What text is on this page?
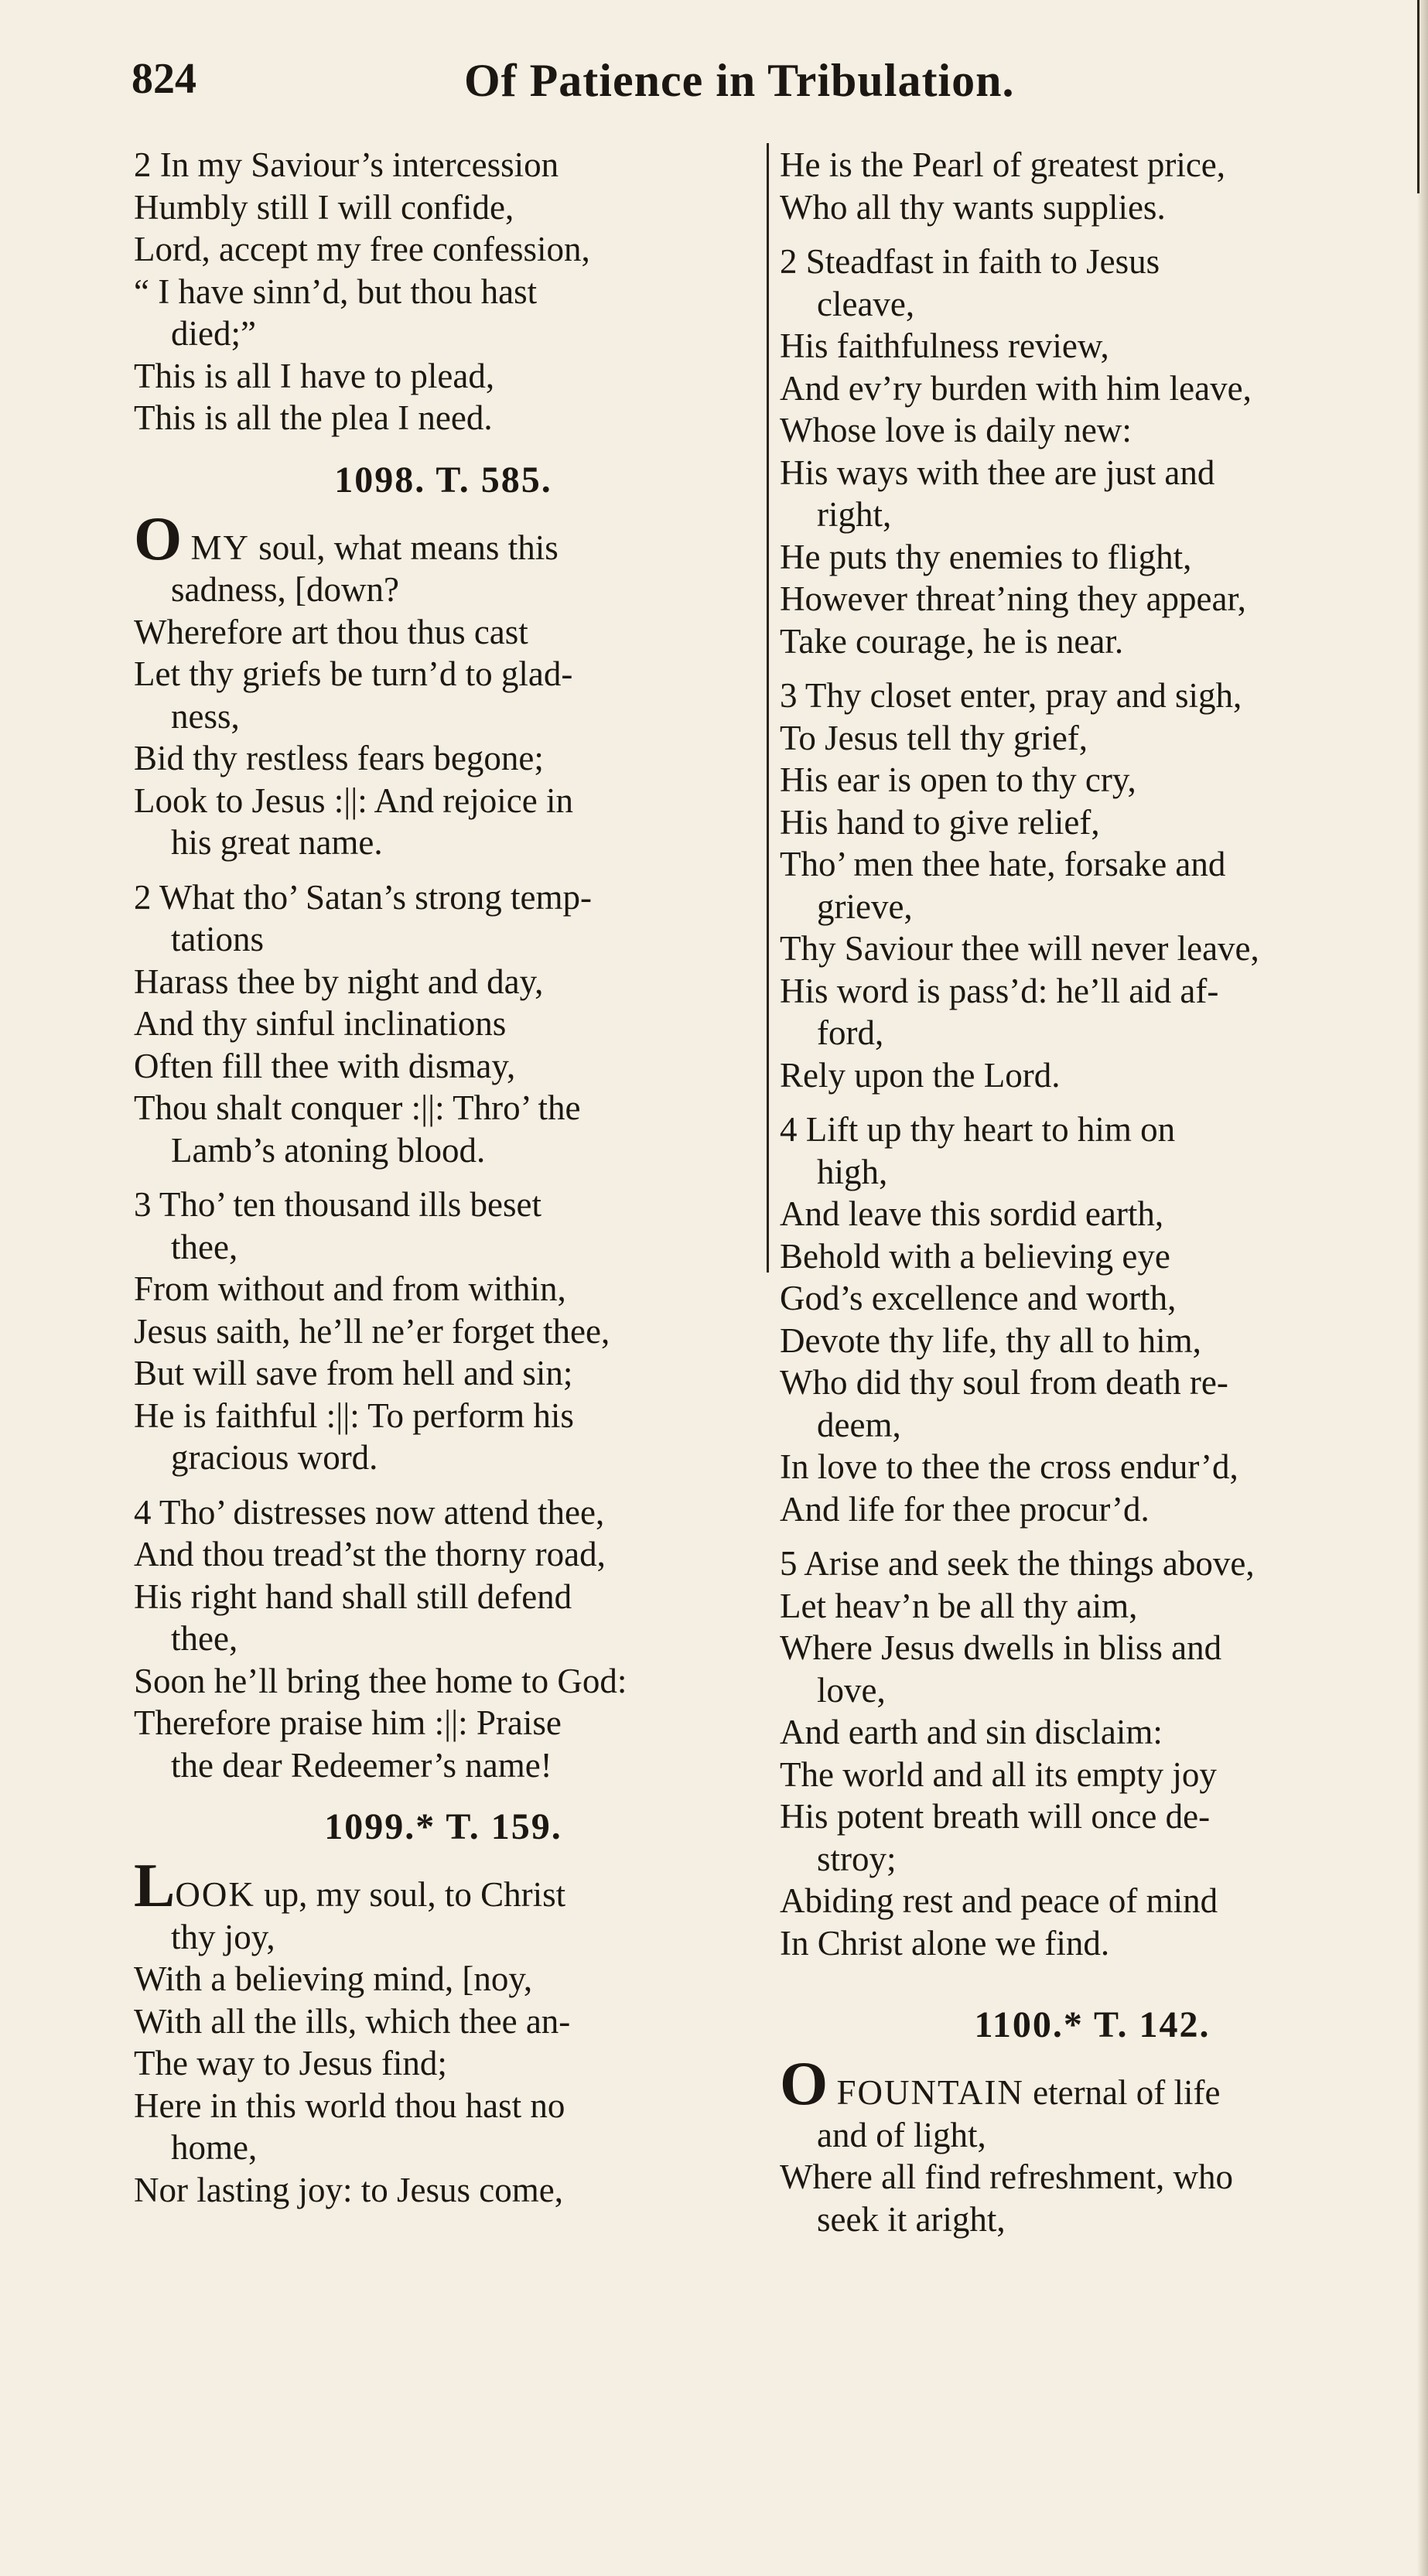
824	Of Patience in Tribulation.
2 In my Saviour’s intercession
Humbly still I will confide,
Lord, accept my free confession,
“ I have sinn’d, but thou hast
died;”
This is all I have to plead,
This is all the plea I need.
1098. T. 585.
O MY soul, what means this
sadness, [down?
Wherefore art thou thus cast
Let thy griefs be turn’d to glad-
ness,
Bid thy restless fears begone;
Look to Jesus :||: And rejoice in
his great name.
2 What tho’ Satan’s strong temp-
tations
Harass thee by night and day,
And thy sinful inclinations
Often fill thee with dismay,
Thou shalt conquer :||: Thro’ the
Lamb’s atoning blood.
3 Tho’ ten thousand ills beset
thee,
From without and from within,
Jesus saith, he’ll ne’er forget thee,
But will save from hell and sin;
He is faithful :||: To perform his
gracious word.
4 Tho’ distresses now attend thee,
And thou tread’st the thorny road,
His right hand shall still defend
thee,
Soon he’ll bring thee home to God:
Therefore praise him :||: Praise
the dear Redeemer’s name!
1099.* T. 159.
LOOK up, my soul, to Christ
thy joy,
With a believing mind, [noy,
With all the ills, which thee an-
The way to Jesus find;
Here in this world thou hast no
home,
Nor lasting joy: to Jesus come,
He is the Pearl of greatest price,
Who all thy wants supplies.
2 Steadfast in faith to Jesus
cleave,
His faithfulness review,
And ev’ry burden with him leave,
Whose love is daily new:
His ways with thee are just and
right,
He puts thy enemies to flight,
However threat’ning they appear,
Take courage, he is near.
3 Thy closet enter, pray and sigh,
To Jesus tell thy grief,
His ear is open to thy cry,
His hand to give relief,
Tho’ men thee hate, forsake and
grieve,
Thy Saviour thee will never leave,
His word is pass’d: he’ll aid af-
ford,
Rely upon the Lord.
4 Lift up thy heart to him on
high,
And leave this sordid earth,
Behold with a believing eye
God’s excellence and worth,
Devote thy life, thy all to him,
Who did thy soul from death re-
deem,
In love to thee the cross endur’d,
And life for thee procur’d.
5 Arise and seek the things above,
Let heav’n be all thy aim,
Where Jesus dwells in bliss and
love,
And earth and sin disclaim:
The world and all its empty joy
His potent breath will once de-
stroy;
Abiding rest and peace of mind
In Christ alone we find.
1100.* T. 142.
O FOUNTAIN eternal of life
and of light,
Where all find refreshment, who
seek it aright,
